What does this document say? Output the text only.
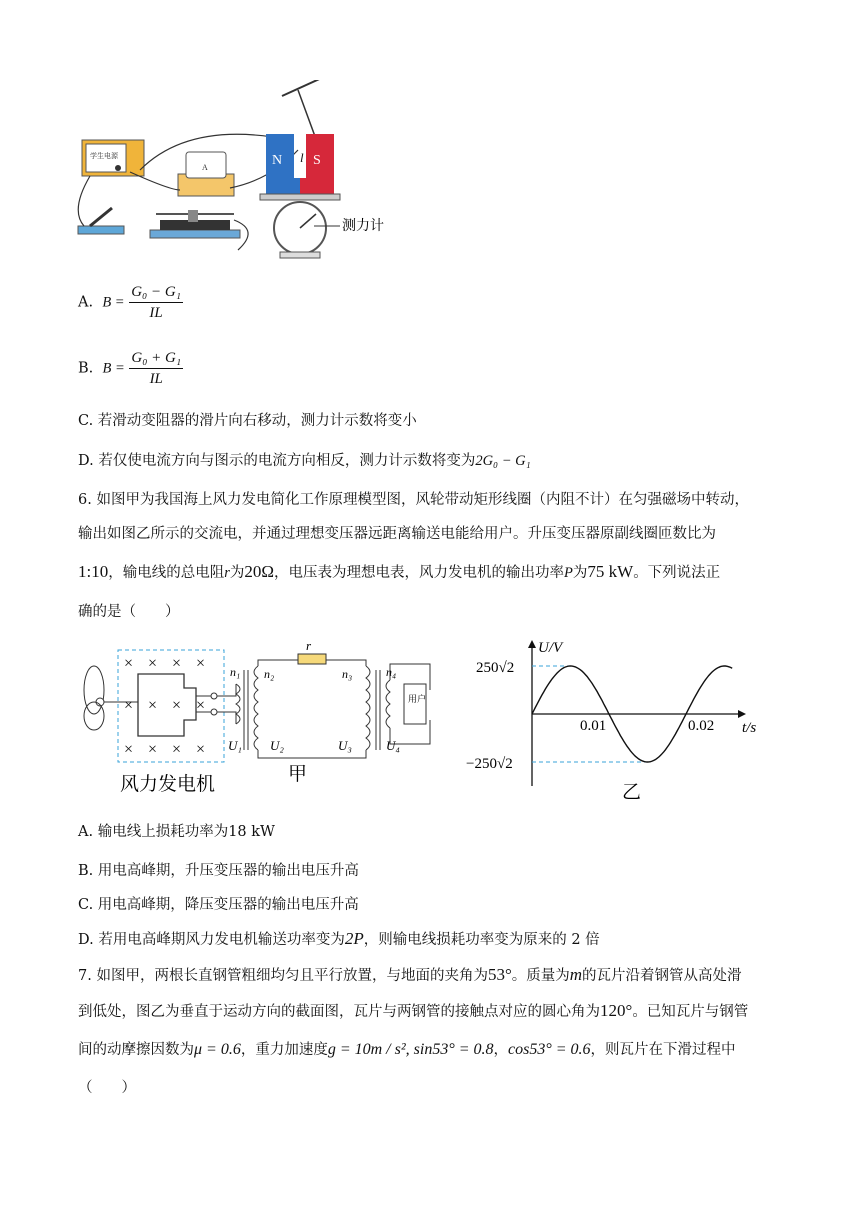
学生电源
A	N S
l
测力计
A. $B = \frac{\text{G₀ − G₁}}{IL}$
B. $B = \frac{\text{G₀ + G₁}}{IL}$
C. 若滑动变阻器的滑片向右移动，测力计示数将变小
D. 若仅使电流方向与图示的电流方向相反，测力计示数将变为2G₀ − G₁
6. 如图甲为我国海上风力发电简化工作原理模型图，风轮带动矩形线圈（内阻不计）在匀强磁场中转动，
输出如图乙所示的交流电，并通过理想变压器远距离输送电能给用户。升压变压器原副线圈匝数比为
1:10，输电线的总电阻r为20Ω，电压表为理想电表，风力发电机的输出功率P为75 kW。下列说法正
确的是（　　）
× × × ×
× × × ×
× × × ×
用户
n₁ n₂	n₃	n₄
r
U₁ U₂	U₃	U₄
风力发电机	甲
U/V
t/s
250√2
−250√2
0.01	0.02
乙
A. 输电线上损耗功率为18 kW
B. 用电高峰期，升压变压器的输出电压升高
C. 用电高峰期，降压变压器的输出电压升高
D. 若用电高峰期风力发电机输送功率变为2P，则输电线损耗功率变为原来的 2 倍
7. 如图甲，两根长直钢管粗细均匀且平行放置，与地面的夹角为53°。质量为m的瓦片沿着钢管从高处滑
到低处，图乙为垂直于运动方向的截面图，瓦片与两钢管的接触点对应的圆心角为120°。已知瓦片与钢管
间的动摩擦因数为μ = 0.6，重力加速度g = 10m / s², sin53° = 0.8，cos53° = 0.6，则瓦片在下滑过程中
（　　）
